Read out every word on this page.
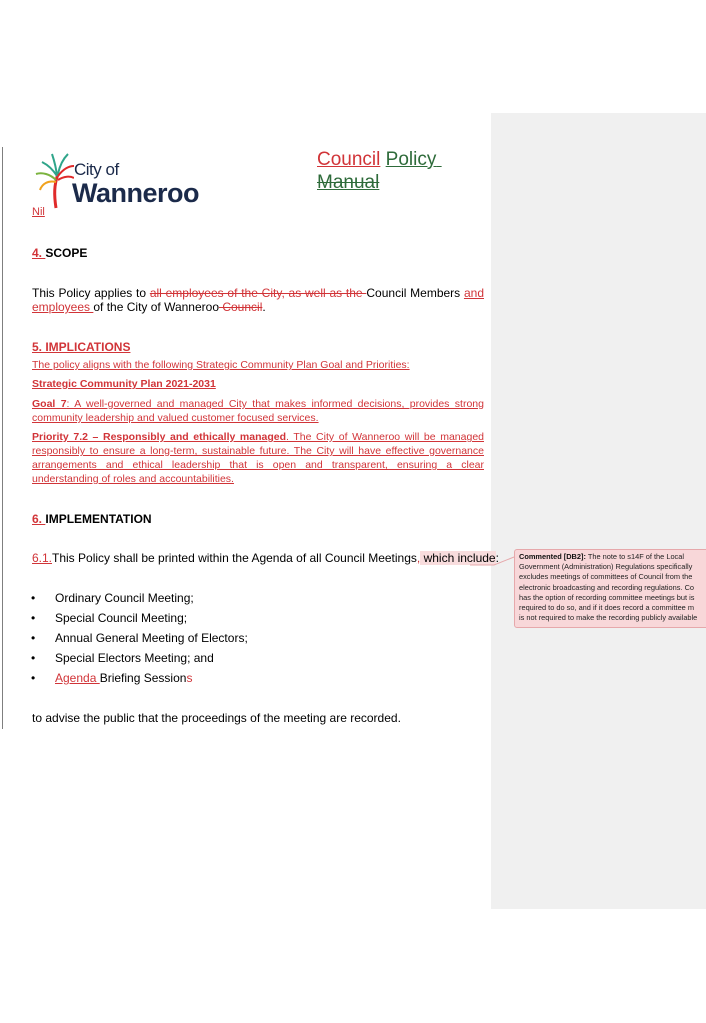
City of
Wanneroo
Council Policy
Manual
Nil
4. SCOPE
This Policy applies to all employees of the City, as well as the Council Members and employees of the City of Wanneroo Council.
5. IMPLICATIONS
The policy aligns with the following Strategic Community Plan Goal and Priorities:
Strategic Community Plan 2021-2031
Goal 7: A well-governed and managed City that makes informed decisions, provides strong community leadership and valued customer focused services.
Priority 7.2 – Responsibly and ethically managed. The City of Wanneroo will be managed responsibly to ensure a long-term, sustainable future. The City will have effective governance arrangements and ethical leadership that is open and transparent, ensuring a clear understanding of roles and accountabilities.
6. IMPLEMENTATION
6.1.This Policy shall be printed within the Agenda of all Council Meetings, which include:
• Ordinary Council Meeting;
• Special Council Meeting;
• Annual General Meeting of Electors;
• Special Electors Meeting; and
• Agenda Briefing Sessions
to advise the public that the proceedings of the meeting are recorded.
Commented [DB2]: The note to s14F of the Local
Government (Administration) Regulations specifically
excludes meetings of committees of Council from the
electronic broadcasting and recording regulations. Co
has the option of recording committee meetings but is
required to do so, and if it does record a committee m
is not required to make the recording publicly available
